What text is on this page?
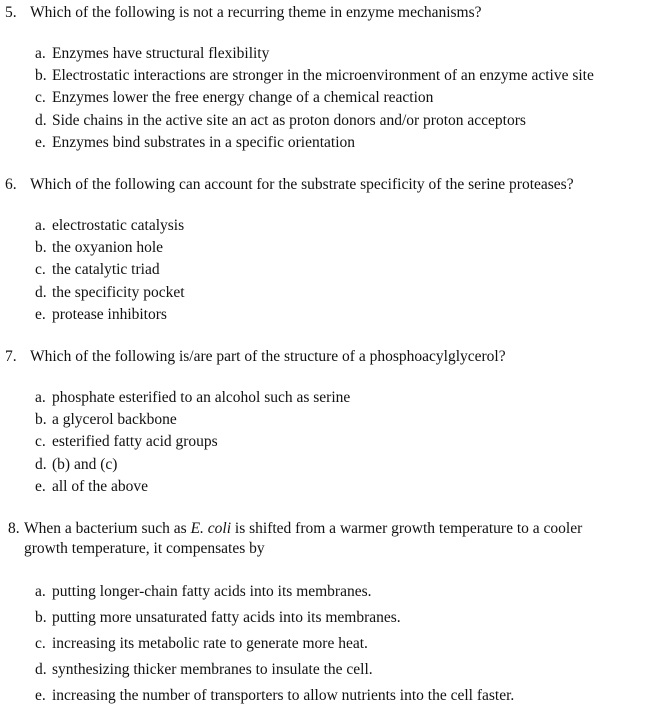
5. Which of the following is not a recurring theme in enzyme mechanisms?

a. Enzymes have structural flexibility
b. Electrostatic interactions are stronger in the microenvironment of an enzyme active site
c. Enzymes lower the free energy change of a chemical reaction
d. Side chains in the active site an act as proton donors and/or proton acceptors
e. Enzymes bind substrates in a specific orientation

6. Which of the following can account for the substrate specificity of the serine proteases?

a. electrostatic catalysis
b. the oxyanion hole
c. the catalytic triad
d. the specificity pocket
e. protease inhibitors

7. Which of the following is/are part of the structure of a phosphoacylglycerol?

a. phosphate esterified to an alcohol such as serine
b. a glycerol backbone
c. esterified fatty acid groups
d. (b) and (c)
e. all of the above

8. When a bacterium such as E. coli is shifted from a warmer growth temperature to a cooler
growth temperature, it compensates by

a. putting longer-chain fatty acids into its membranes.
b. putting more unsaturated fatty acids into its membranes.
c. increasing its metabolic rate to generate more heat.
d. synthesizing thicker membranes to insulate the cell.
e. increasing the number of transporters to allow nutrients into the cell faster.
